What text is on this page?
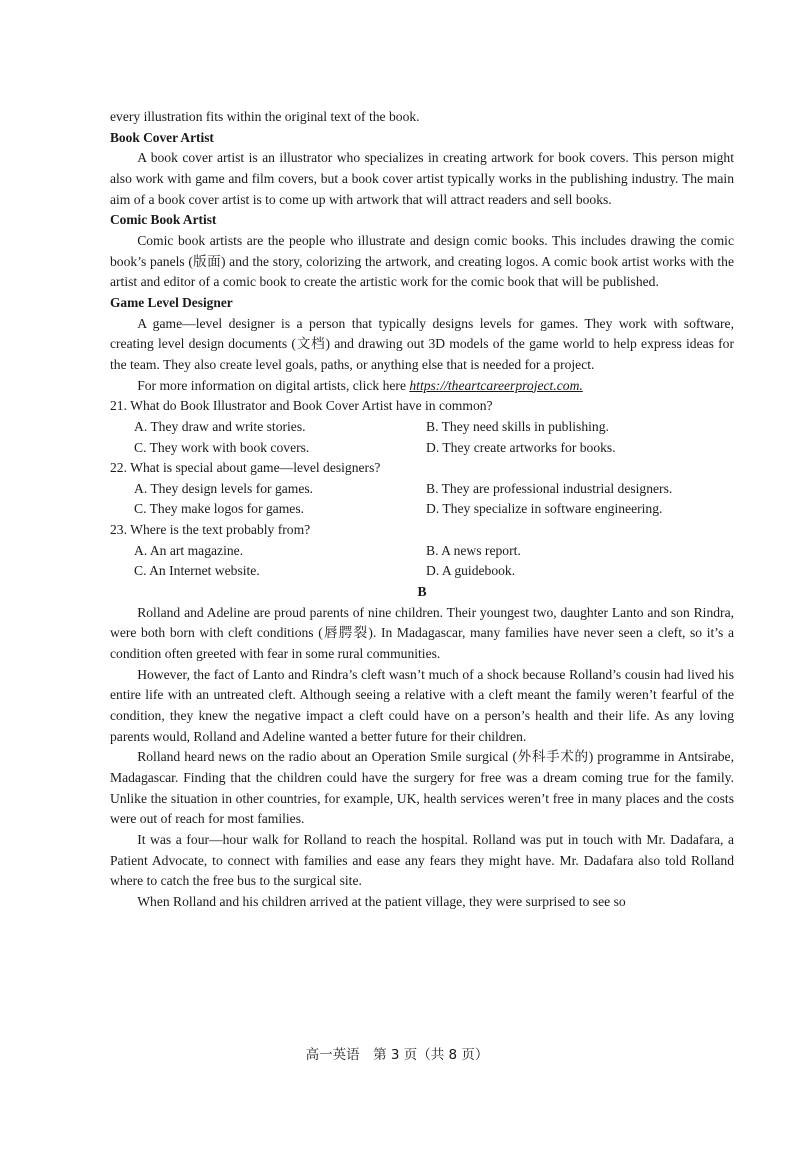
every illustration fits within the original text of the book.

Book Cover Artist

A book cover artist is an illustrator who specializes in creating artwork for book covers. This person might also work with game and film covers, but a book cover artist typically works in the publishing industry. The main aim of a book cover artist is to come up with artwork that will attract readers and sell books.

Comic Book Artist

Comic book artists are the people who illustrate and design comic books. This includes drawing the comic book’s panels (版面) and the story, colorizing the artwork, and creating logos. A comic book artist works with the artist and editor of a comic book to create the artistic work for the comic book that will be published.

Game Level Designer

A game—level designer is a person that typically designs levels for games. They work with software, creating level design documents (文档) and drawing out 3D models of the game world to help express ideas for the team. They also create level goals, paths, or anything else that is needed for a project.

For more information on digital artists, click here https://theartcareerproject.com.

21. What do Book Illustrator and Book Cover Artist have in common?

A. They draw and write stories.	B. They need skills in publishing.
C. They work with book covers.	D. They create artworks for books.

22. What is special about game—level designers?

A. They design levels for games.	B. They are professional industrial designers.
C. They make logos for games.	D. They specialize in software engineering.

23. Where is the text probably from?

A. An art magazine.	B. A news report.
C. An Internet website.	D. A guidebook.

B

Rolland and Adeline are proud parents of nine children. Their youngest two, daughter Lanto and son Rindra, were both born with cleft conditions (唇腭裂). In Madagascar, many families have never seen a cleft, so it’s a condition often greeted with fear in some rural communities.

However, the fact of Lanto and Rindra’s cleft wasn’t much of a shock because Rolland’s cousin had lived his entire life with an untreated cleft. Although seeing a relative with a cleft meant the family weren’t fearful of the condition, they knew the negative impact a cleft could have on a person’s health and their life. As any loving parents would, Rolland and Adeline wanted a better future for their children.

Rolland heard news on the radio about an Operation Smile surgical (外科手术的) programme in Antsirabe, Madagascar. Finding that the children could have the surgery for free was a dream coming true for the family. Unlike the situation in other countries, for example, UK, health services weren’t free in many places and the costs were out of reach for most families.

It was a four—hour walk for Rolland to reach the hospital. Rolland was put in touch with Mr. Dadafara, a Patient Advocate, to connect with families and ease any fears they might have. Mr. Dadafara also told Rolland where to catch the free bus to the surgical site.

When Rolland and his children arrived at the patient village, they were surprised to see so

高一英语　第 3 页（共 8 页）
